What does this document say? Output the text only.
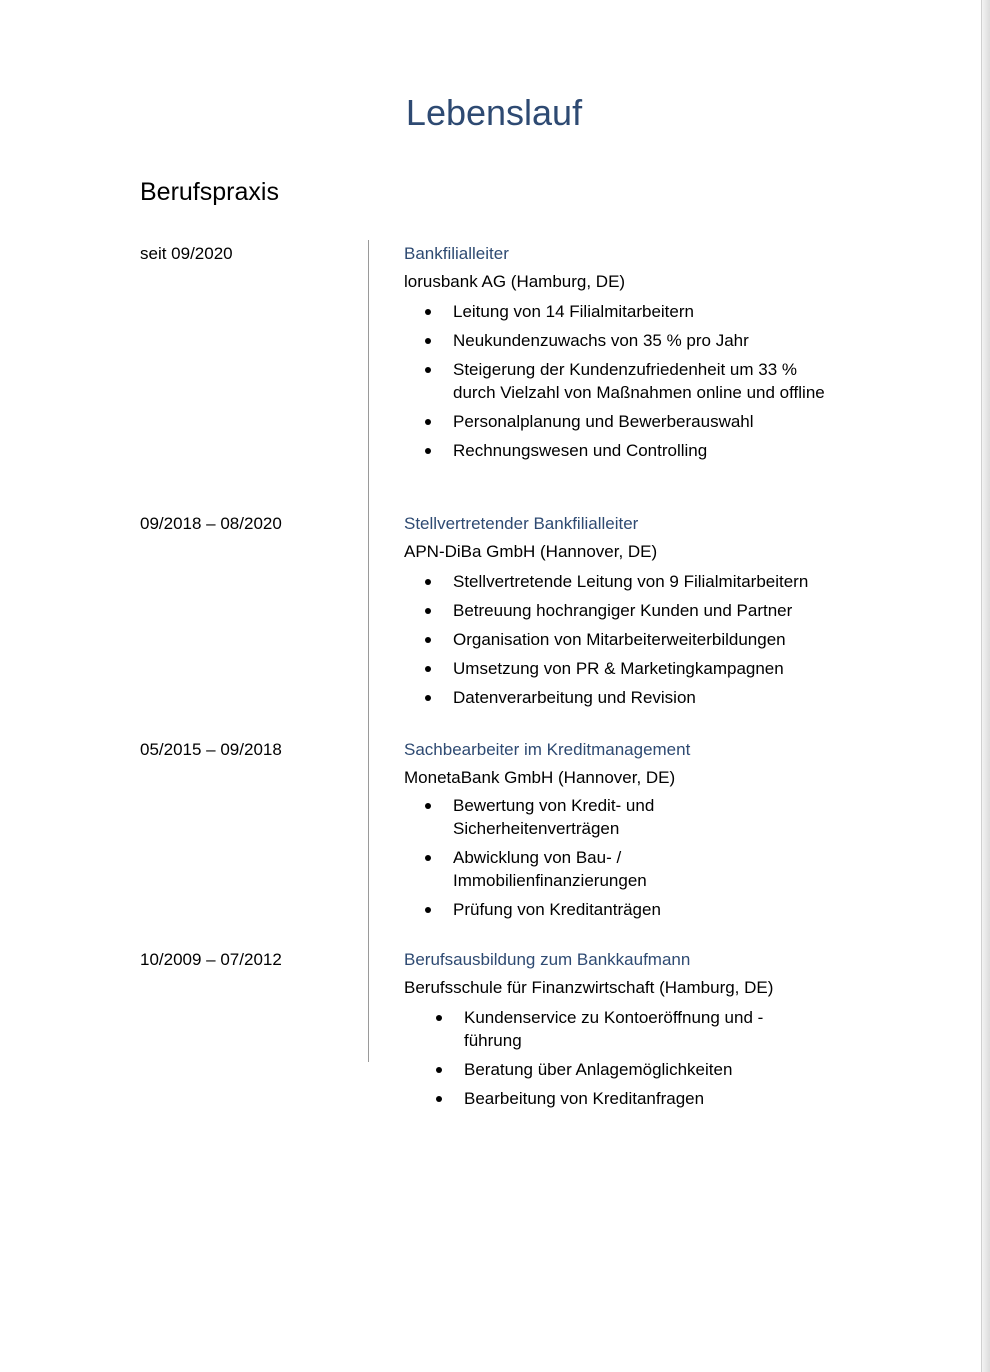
Lebenslauf
Berufspraxis
seit 09/2020	Bankfilialleiter
lorusbank AG (Hamburg, DE)
Leitung von 14 Filialmitarbeitern
Neukundenzuwachs von 35 % pro Jahr
Steigerung der Kundenzufriedenheit um 33 % durch Vielzahl von Maßnahmen online und offline
Personalplanung und Bewerberauswahl
Rechnungswesen und Controlling
09/2018 – 08/2020	Stellvertretender Bankfilialleiter
APN-DiBa GmbH (Hannover, DE)
Stellvertretende Leitung von 9 Filialmitarbeitern
Betreuung hochrangiger Kunden und Partner
Organisation von Mitarbeiterweiterbildungen
Umsetzung von PR & Marketingkampagnen
Datenverarbeitung und Revision
05/2015 – 09/2018	Sachbearbeiter im Kreditmanagement
MonetaBank GmbH (Hannover, DE)
Bewertung von Kredit- und Sicherheitenverträgen
Abwicklung von Bau- / Immobilienfinanzierungen
Prüfung von Kreditanträgen
10/2009 – 07/2012	Berufsausbildung zum Bankkaufmann
Berufsschule für Finanzwirtschaft (Hamburg, DE)
Kundenservice zu Kontoeröffnung und -führung
Beratung über Anlagemöglichkeiten
Bearbeitung von Kreditanfragen
